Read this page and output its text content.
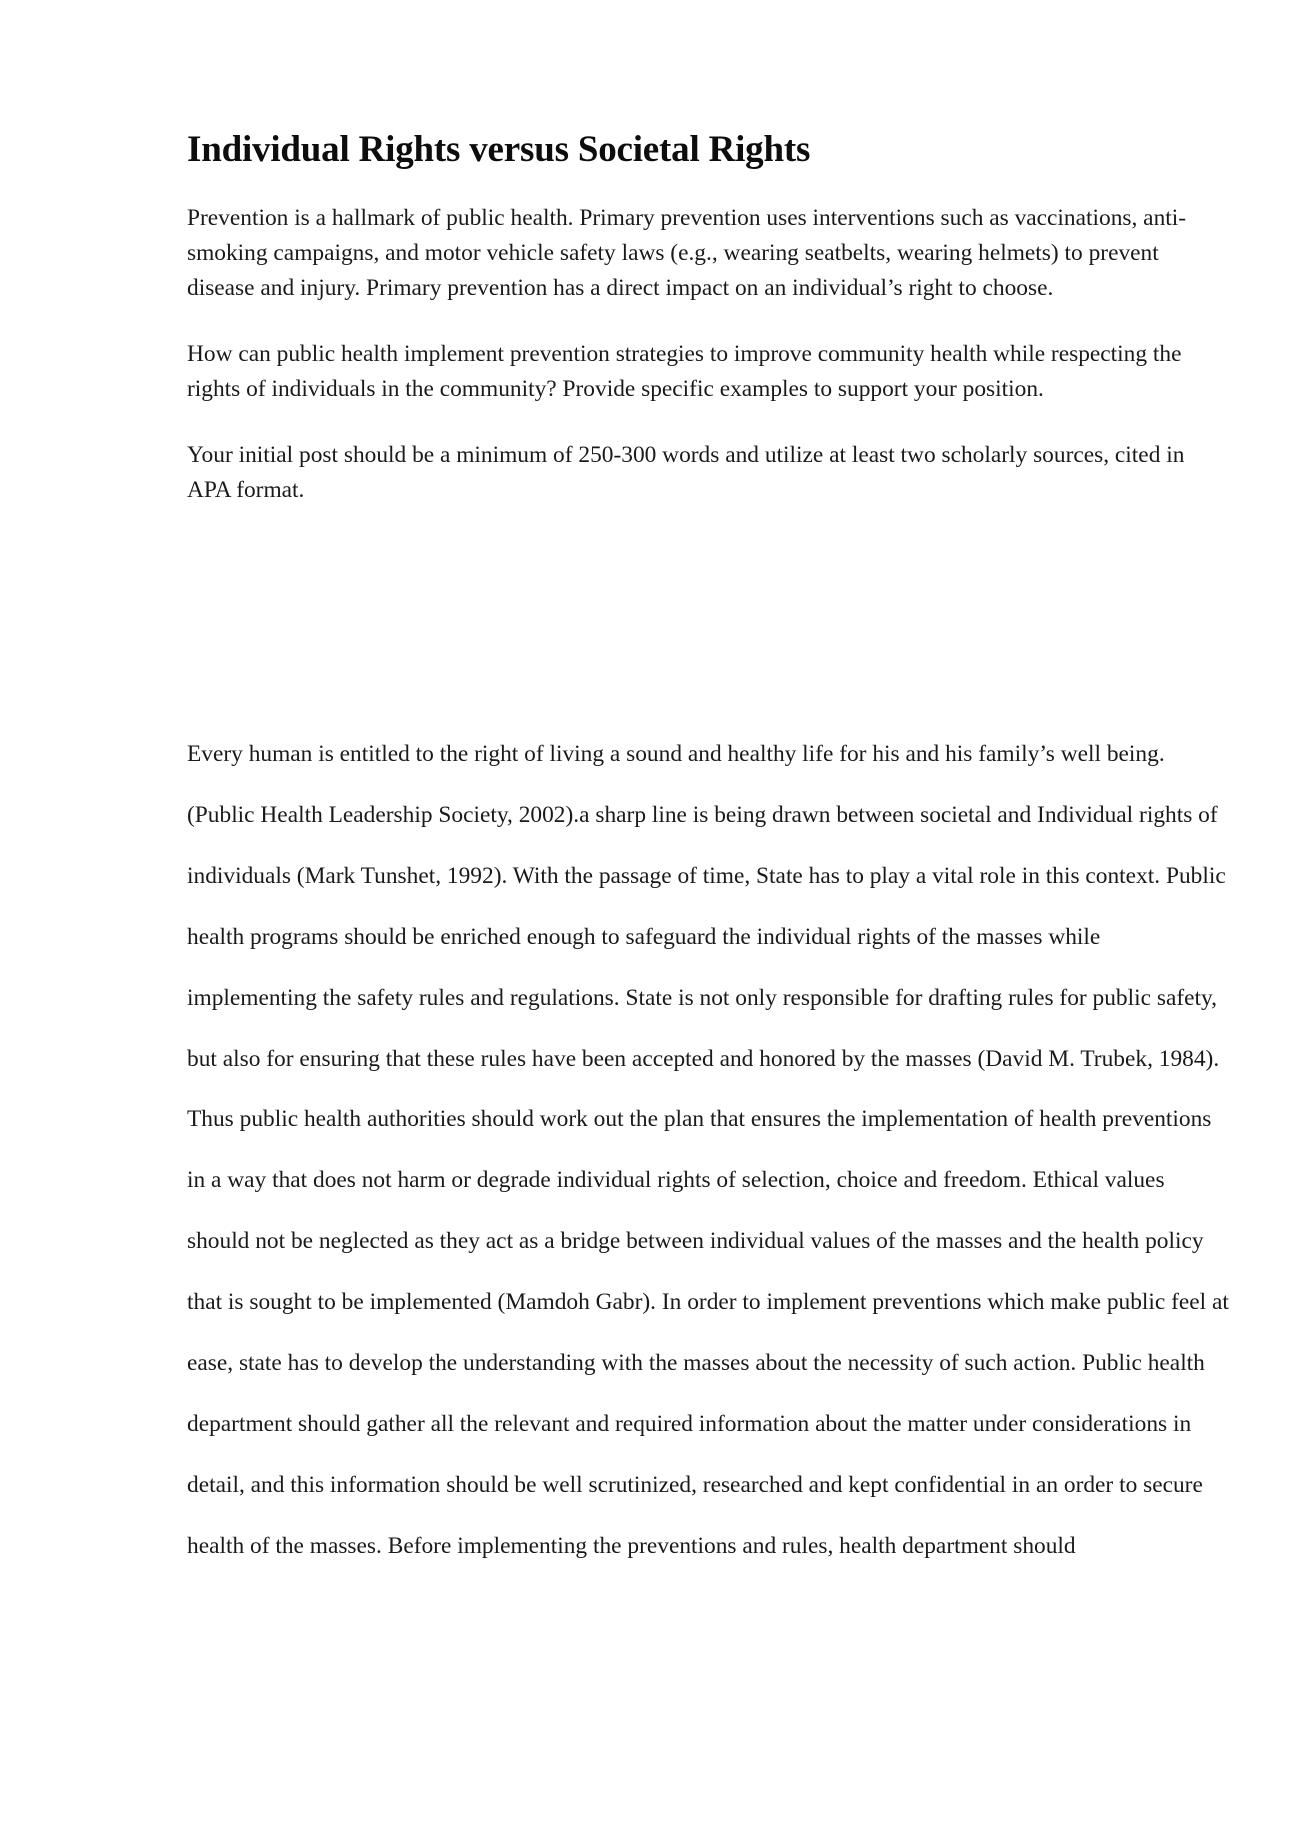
Individual Rights versus Societal Rights

Prevention is a hallmark of public health. Primary prevention uses interventions such as vaccinations, anti-smoking campaigns, and motor vehicle safety laws (e.g., wearing seatbelts, wearing helmets) to prevent disease and injury. Primary prevention has a direct impact on an individual’s right to choose.

How can public health implement prevention strategies to improve community health while respecting the rights of individuals in the community? Provide specific examples to support your position.

Your initial post should be a minimum of 250-300 words and utilize at least two scholarly sources, cited in APA format.

Every human is entitled to the right of living a sound and healthy life for his and his family’s well being. (Public Health Leadership Society, 2002).a sharp line is being drawn between societal and Individual rights of individuals (Mark Tunshet, 1992). With the passage of time, State has to play a vital role in this context. Public health programs should be enriched enough to safeguard the individual rights of the masses while implementing the safety rules and regulations. State is not only responsible for drafting rules for public safety, but also for ensuring that these rules have been accepted and honored by the masses (David M. Trubek, 1984). Thus public health authorities should work out the plan that ensures the implementation of health preventions in a way that does not harm or degrade individual rights of selection, choice and freedom. Ethical values should not be neglected as they act as a bridge between individual values of the masses and the health policy that is sought to be implemented (Mamdoh Gabr). In order to implement preventions which make public feel at ease, state has to develop the understanding with the masses about the necessity of such action. Public health department should gather all the relevant and required information about the matter under considerations in detail, and this information should be well scrutinized, researched and kept confidential in an order to secure health of the masses. Before implementing the preventions and rules, health department should
